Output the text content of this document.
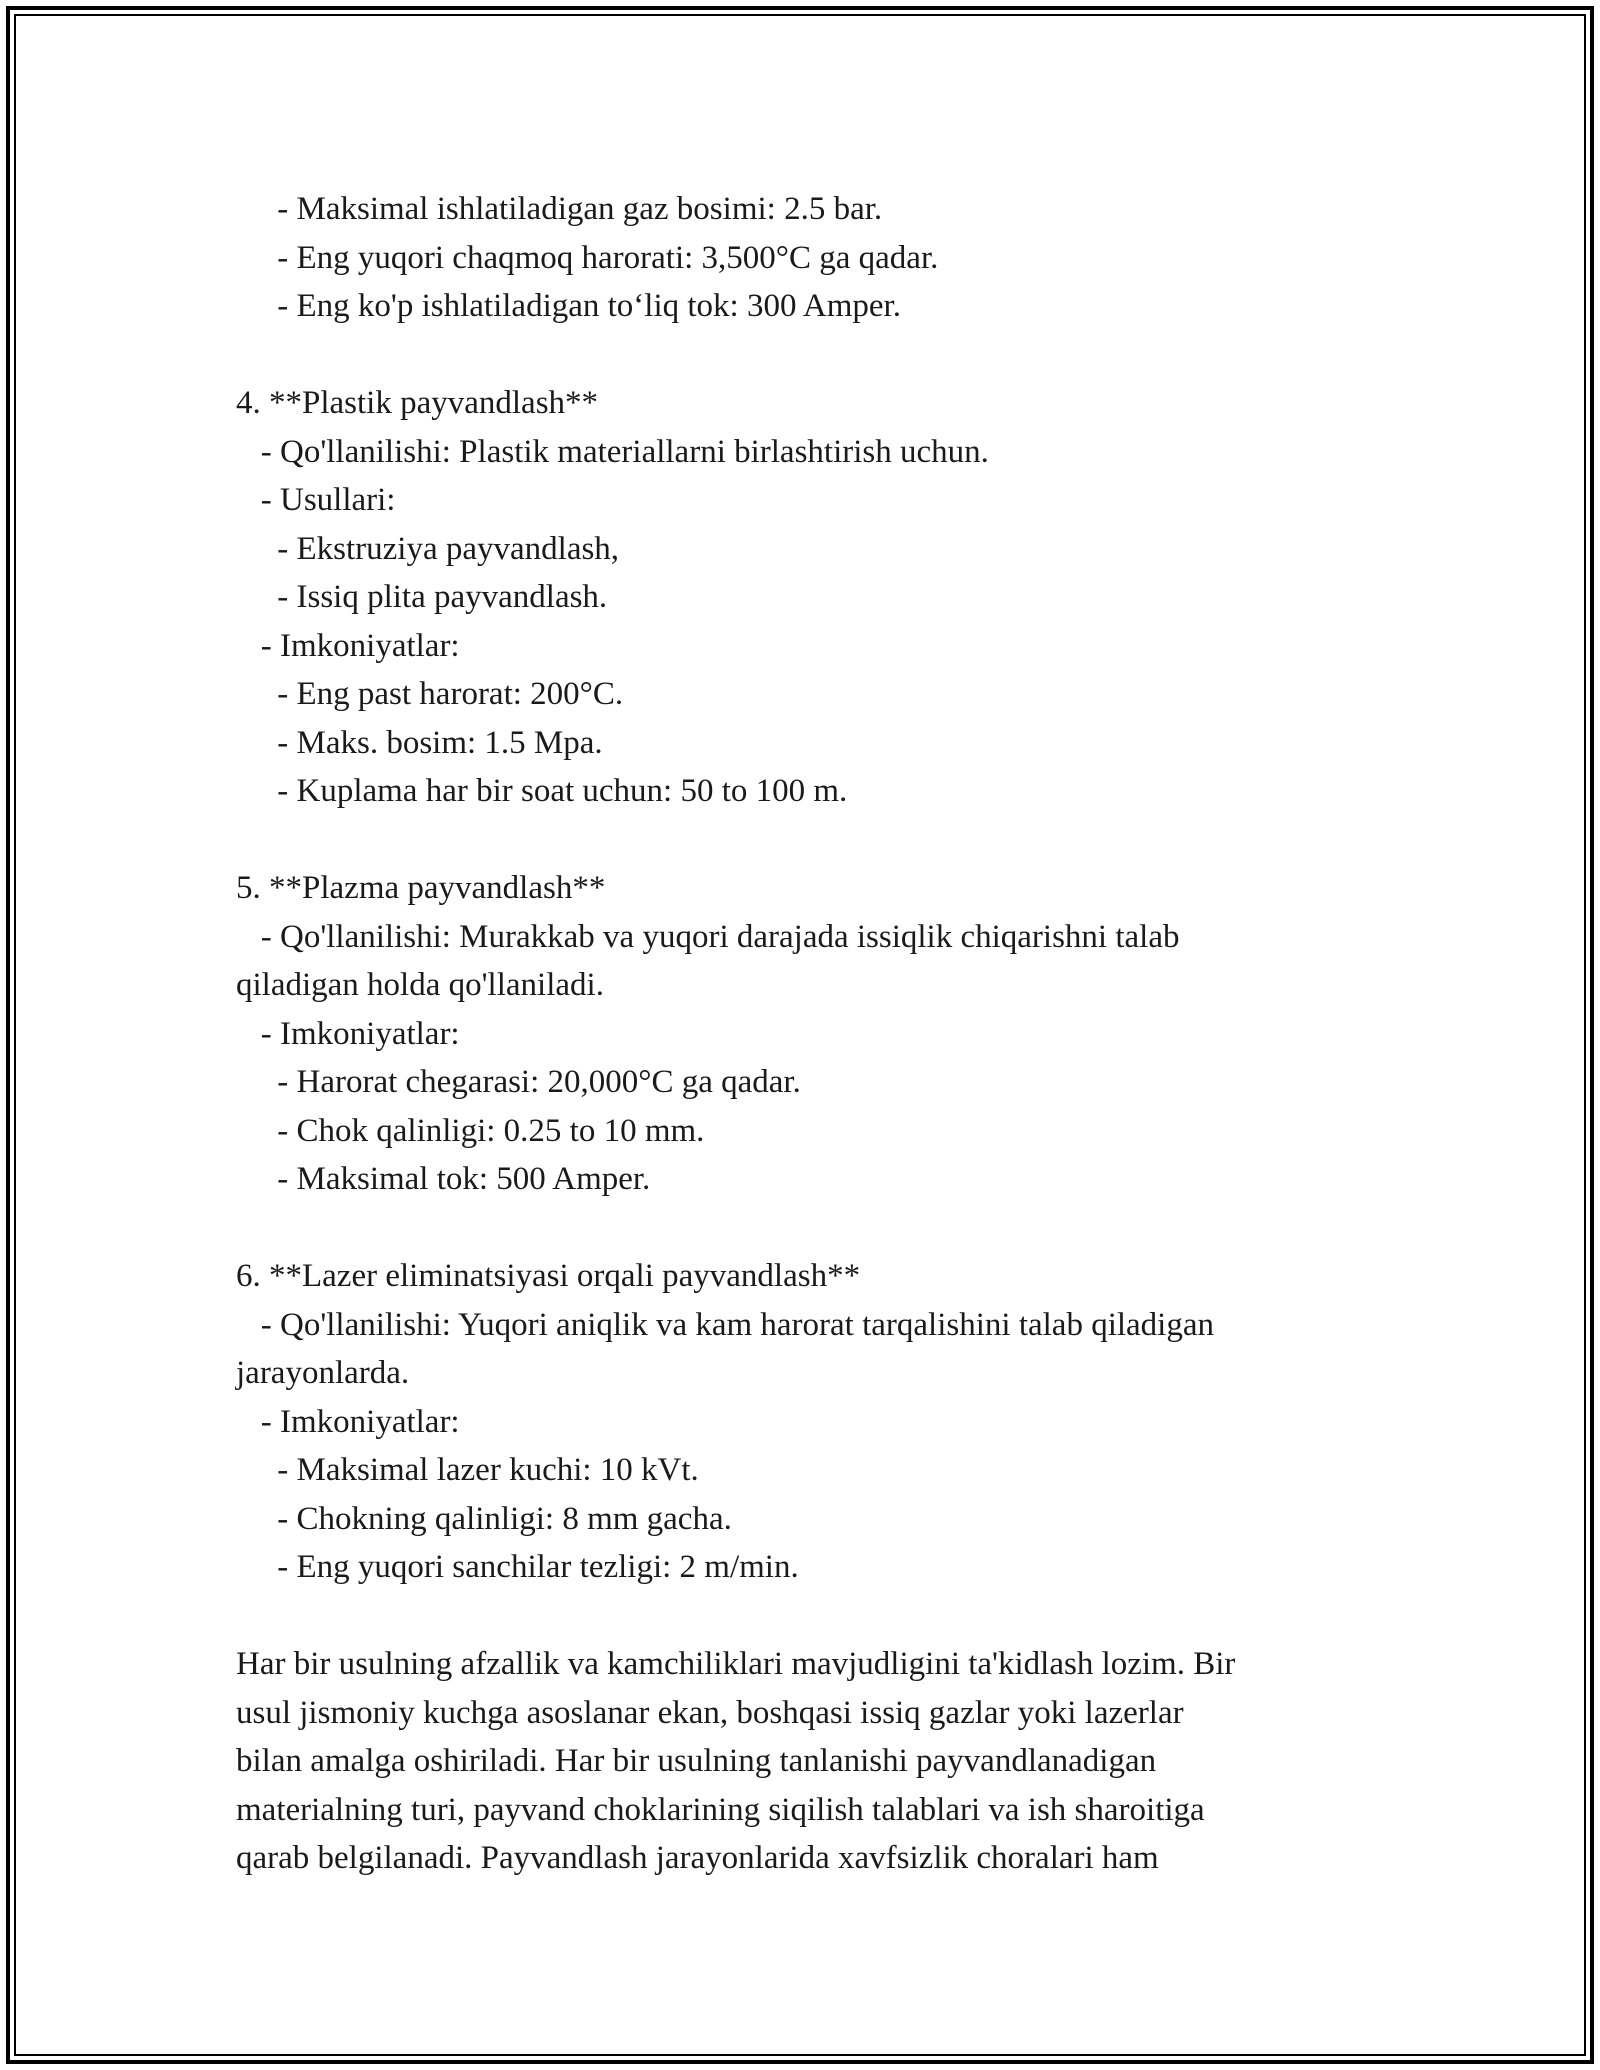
- Maksimal ishlatiladigan gaz bosimi: 2.5 bar.
- Eng yuqori chaqmoq harorati: 3,500°C ga qadar.
- Eng ko'p ishlatiladigan to‘liq tok: 300 Amper.
4. **Plastik payvandlash**
- Qo'llanilishi: Plastik materiallarni birlashtirish uchun.
- Usullari:
- Ekstruziya payvandlash,
- Issiq plita payvandlash.
- Imkoniyatlar:
- Eng past harorat: 200°C.
- Maks. bosim: 1.5 Mpa.
- Kuplama har bir soat uchun: 50 to 100 m.
5. **Plazma payvandlash**
- Qo'llanilishi: Murakkab va yuqori darajada issiqlik chiqarishni talab
qiladigan holda qo'llaniladi.
- Imkoniyatlar:
- Harorat chegarasi: 20,000°C ga qadar.
- Chok qalinligi: 0.25 to 10 mm.
- Maksimal tok: 500 Amper.
6. **Lazer eliminatsiyasi orqali payvandlash**
- Qo'llanilishi: Yuqori aniqlik va kam harorat tarqalishini talab qiladigan
jarayonlarda.
- Imkoniyatlar:
- Maksimal lazer kuchi: 10 kVt.
- Chokning qalinligi: 8 mm gacha.
- Eng yuqori sanchilar tezligi: 2 m/min.
Har bir usulning afzallik va kamchiliklari mavjudligini ta'kidlash lozim. Bir
usul jismoniy kuchga asoslanar ekan, boshqasi issiq gazlar yoki lazerlar
bilan amalga oshiriladi. Har bir usulning tanlanishi payvandlanadigan
materialning turi, payvand choklarining siqilish talablari va ish sharoitiga
qarab belgilanadi. Payvandlash jarayonlarida xavfsizlik choralari ham
